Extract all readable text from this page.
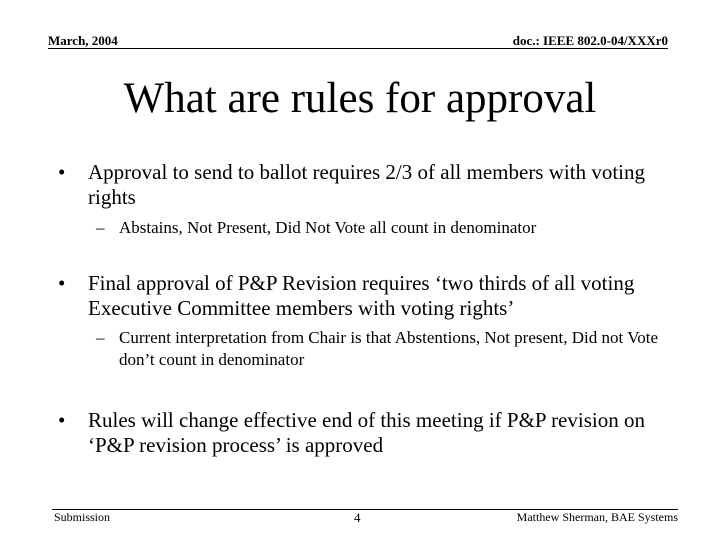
March, 2004	doc.: IEEE 802.0-04/XXXr0
What are rules for approval
•	Approval to send to ballot requires 2/3 of all members with voting rights
– Abstains, Not Present, Did Not Vote all count in denominator
•	Final approval of P&P Revision requires ‘two thirds of all voting Executive Committee members with voting rights’
– Current interpretation from Chair is that Abstentions, Not present, Did not Vote don’t count in denominator
•	Rules will change effective end of this meeting if P&P revision on ‘P&P revision process’ is approved
Submission	4	Matthew Sherman, BAE Systems
